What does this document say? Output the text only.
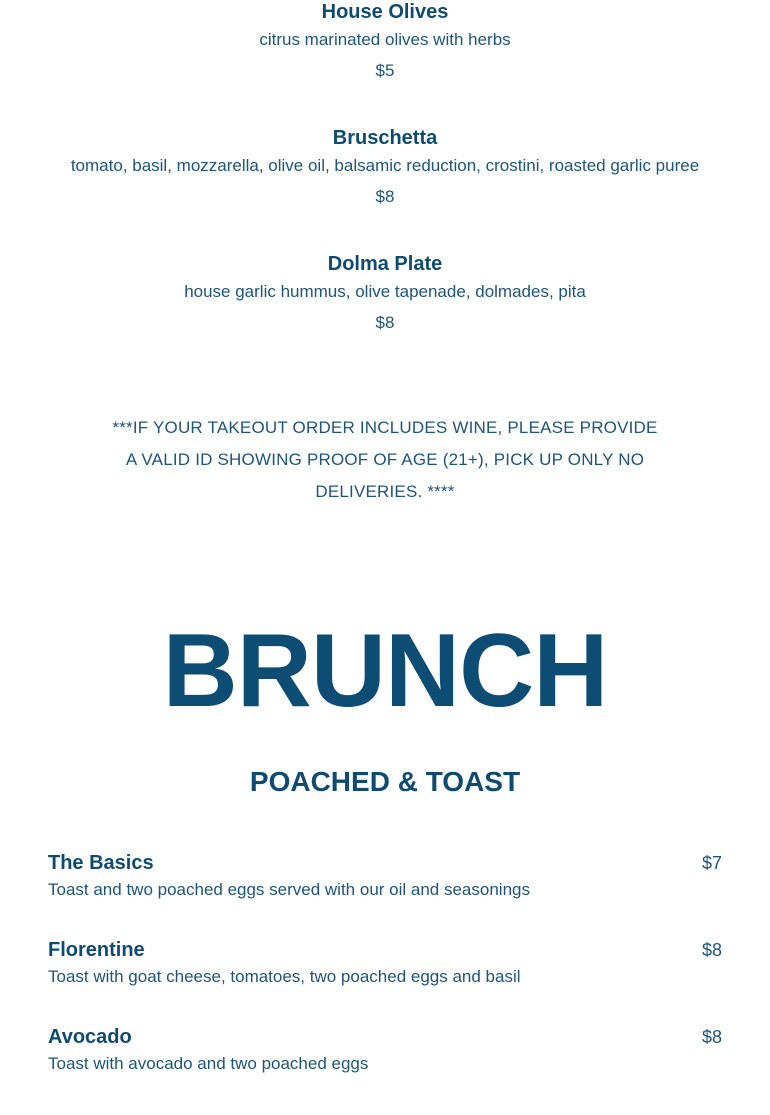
House Olives
citrus marinated olives with herbs
$5
Bruschetta
tomato, basil, mozzarella, olive oil, balsamic reduction, crostini, roasted garlic puree
$8
Dolma Plate
house garlic hummus, olive tapenade, dolmades, pita
$8
***IF YOUR TAKEOUT ORDER INCLUDES WINE, PLEASE PROVIDE A VALID ID SHOWING PROOF OF AGE (21+), PICK UP ONLY NO DELIVERIES. ****
BRUNCH
POACHED & TOAST
The Basics	$7
Toast and two poached eggs served with our oil and seasonings
Florentine	$8
Toast with goat cheese, tomatoes, two poached eggs and basil
Avocado	$8
Toast with avocado and two poached eggs
